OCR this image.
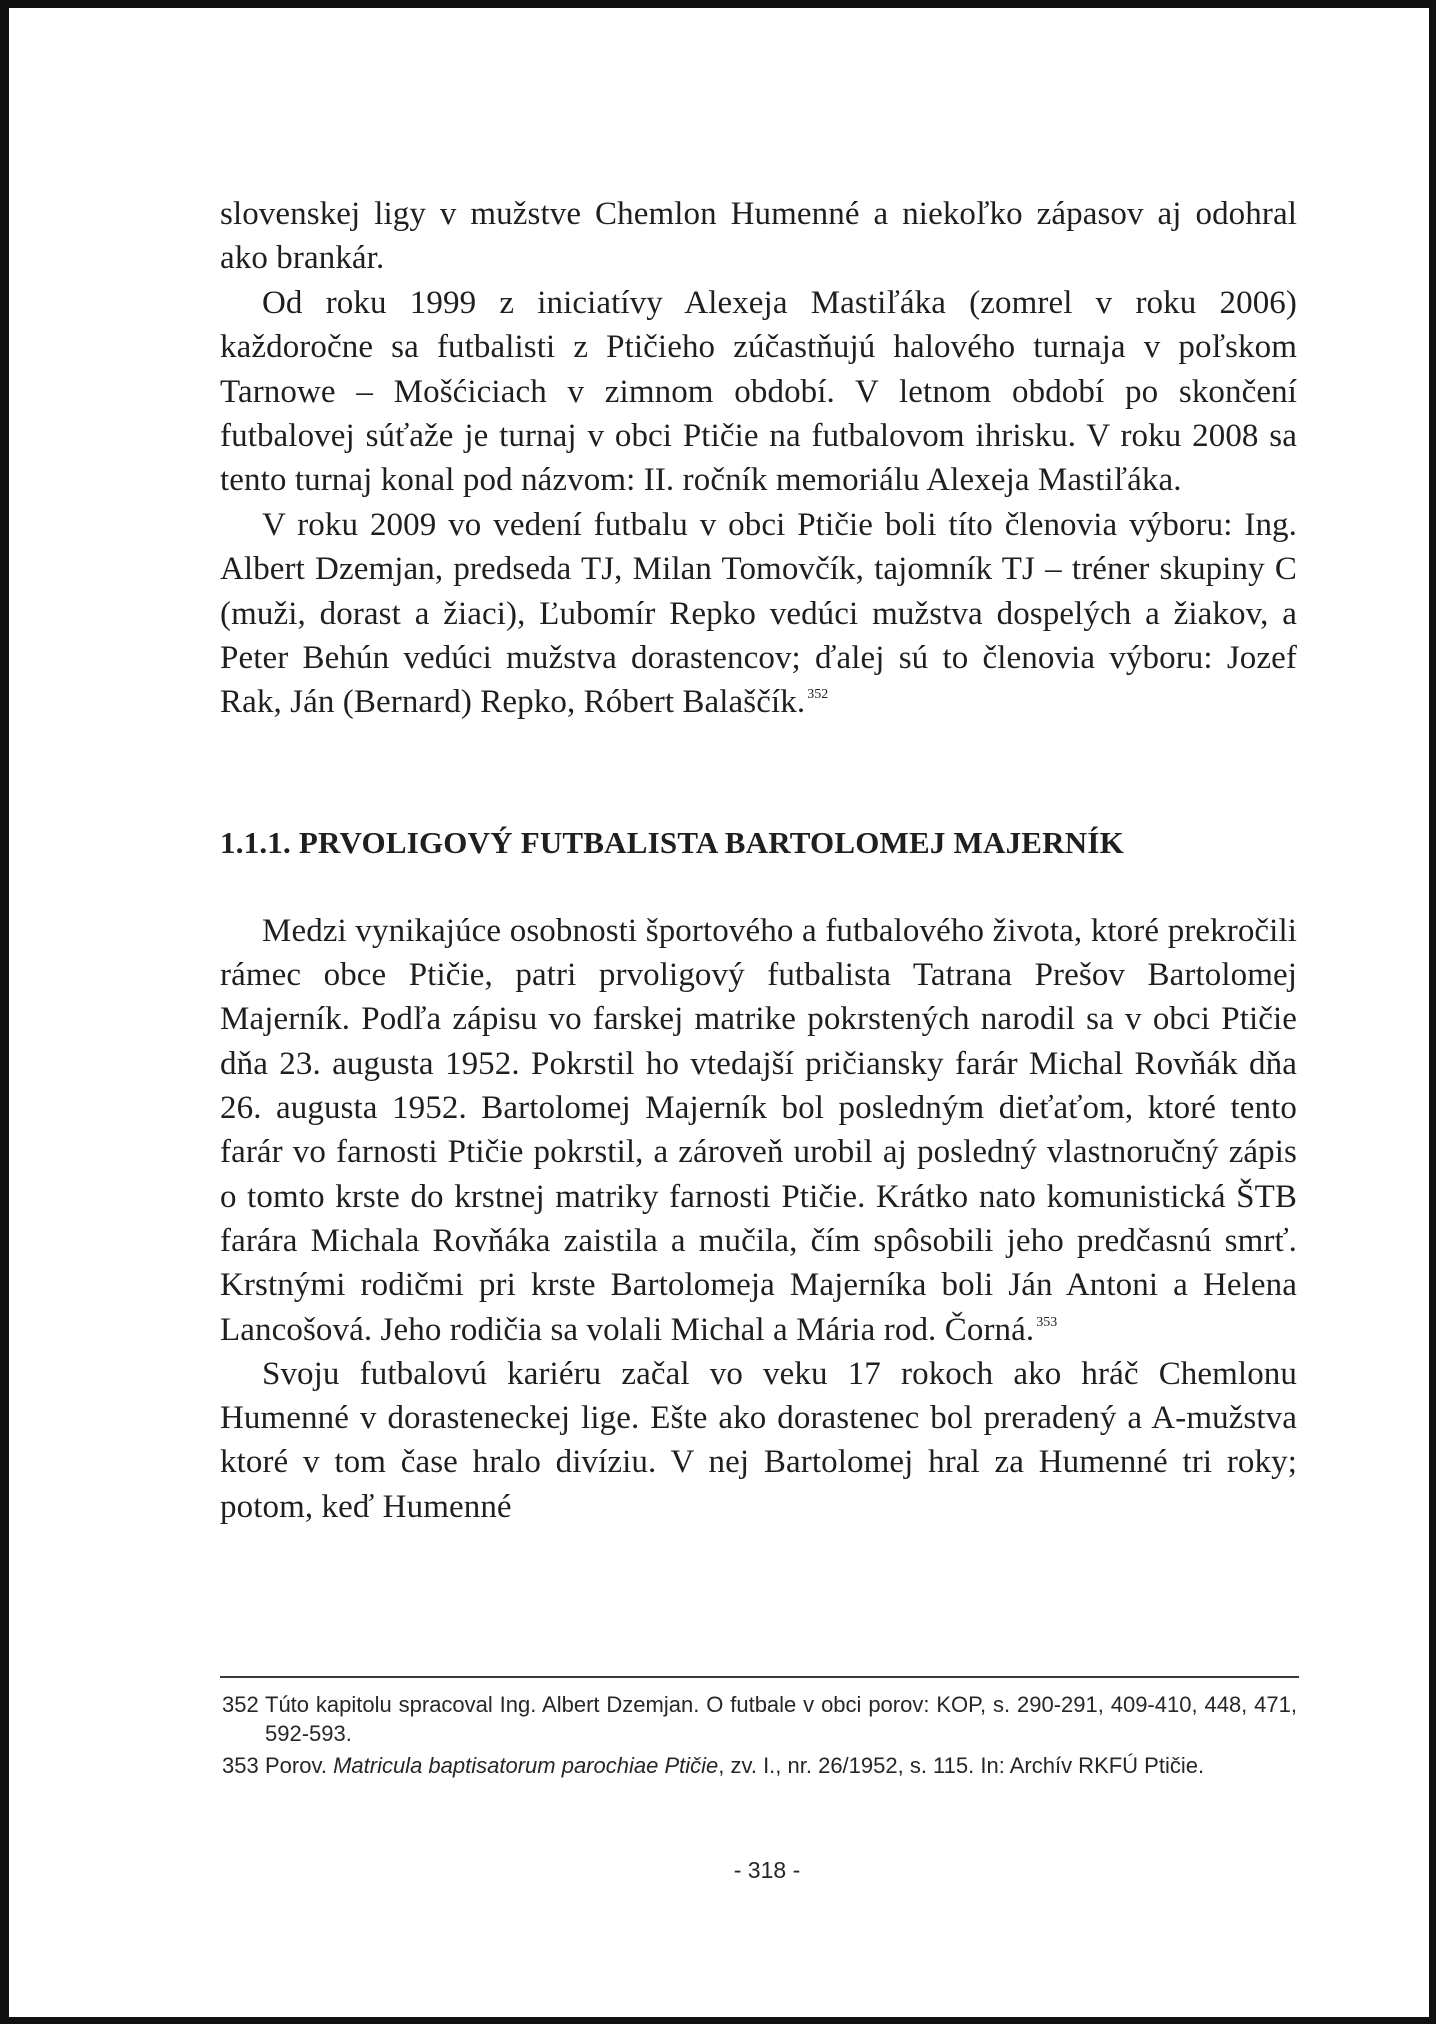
slovenskej ligy v mužstve Chemlon Humenné a niekoľko zápasov aj odohral ako brankár.

Od roku 1999 z iniciatívy Alexeja Mastiľáka (zomrel v roku 2006) každoročne sa futbalisti z Ptičieho zúčastňujú halového turnaja v poľskom Tarnowe – Mošćiciach v zimnom období. V letnom období po skončení futbalovej súťaže je turnaj v obci Ptičie na futbalovom ihrisku. V roku 2008 sa tento turnaj konal pod názvom: II. ročník memoriálu Alexeja Mastiľáka.

V roku 2009 vo vedení futbalu v obci Ptičie boli títo členovia výboru: Ing. Albert Dzemjan, predseda TJ, Milan Tomovčík, tajomník TJ – tréner skupiny C (muži, dorast a žiaci), Ľubomír Repko vedúci mužstva dospelých a žiakov, a Peter Behún vedúci mužstva dorastencov; ďalej sú to členovia výboru: Jozef Rak, Ján (Bernard) Repko, Róbert Balaščík. $^{352}$

1.1.1. PRVOLIGOVÝ FUTBALISTA BARTOLOMEJ MAJERNÍK

Medzi vynikajúce osobnosti športového a futbalového života, ktoré prekročili rámec obce Ptičie, patri prvoligový futbalista Tatrana Prešov Bartolomej Majerník. Podľa zápisu vo farskej matrike pokrstených narodil sa v obci Ptičie dňa 23. augusta 1952. Pokrstil ho vtedajší pričiansky farár Michal Rovňák dňa 26. augusta 1952. Bartolomej Majerník bol posledným dieťaťom, ktoré tento farár vo farnosti Ptičie pokrstil, a zároveň urobil aj posledný vlastnoručný zápis o tomto krste do krstnej matriky farnosti Ptičie. Krátko nato komunistická ŠTB farára Michala Rovňáka zaistila a mučila, čím spôsobili jeho predčasnú smrť. Krstnými rodičmi pri krste Bartolomeja Majerníka boli Ján Antoni a Helena Lancošová. Jeho rodičia sa volali Michal a Mária rod. Čorná. $^{353}$

Svoju futbalovú kariéru začal vo veku 17 rokoch ako hráč Chemlonu Humenné v dorasteneckej lige. Ešte ako dorastenec bol preradený a A-mužstva ktoré v tom čase hralo divíziu. V nej Bartolomej hral za Humenné tri roky; potom, keď Humenné

352 Túto kapitolu spracoval Ing. Albert Dzemjan. O futbale v obci porov: KOP, s. 290-291, 409-410, 448, 471, 592-593.
353 Porov. Matricula baptisatorum parochiae Ptičie, zv. I., nr. 26/1952, s. 115. In: Archív RKFÚ Ptičie.
- 318 -
